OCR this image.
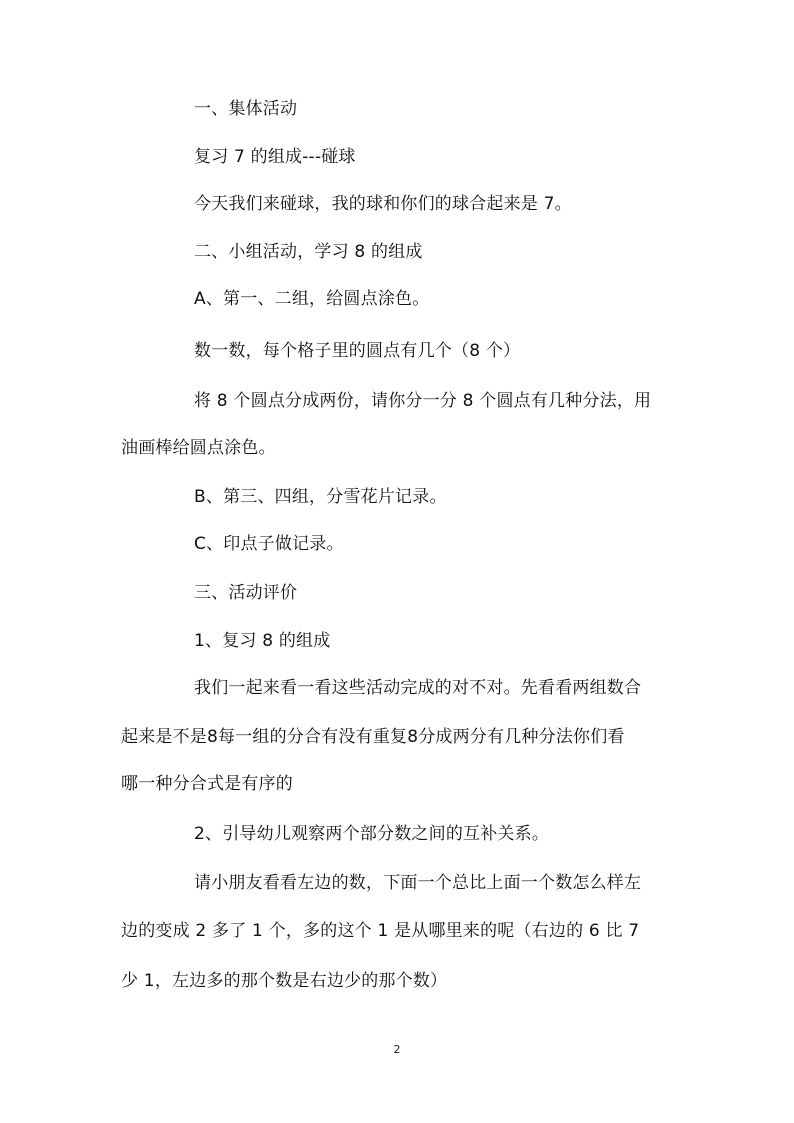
一、集体活动
复习 7 的组成---碰球
今天我们来碰球，我的球和你们的球合起来是 7。
二、小组活动，学习 8 的组成
A、第一、二组，给圆点涂色。
数一数，每个格子里的圆点有几个（8 个）
将 8 个圆点分成两份，请你分一分 8 个圆点有几种分法，用
油画棒给圆点涂色。
B、第三、四组，分雪花片记录。
C、印点子做记录。
三、活动评价
1、复习 8 的组成
我们一起来看一看这些活动完成的对不对。先看看两组数合
起来是不是8每一组的分合有没有重复8分成两分有几种分法你们看
哪一种分合式是有序的
2、引导幼儿观察两个部分数之间的互补关系。
请小朋友看看左边的数，下面一个总比上面一个数怎么样左
边的变成 2 多了 1 个，多的这个 1 是从哪里来的呢（右边的 6 比 7
少 1，左边多的那个数是右边少的那个数）
2
